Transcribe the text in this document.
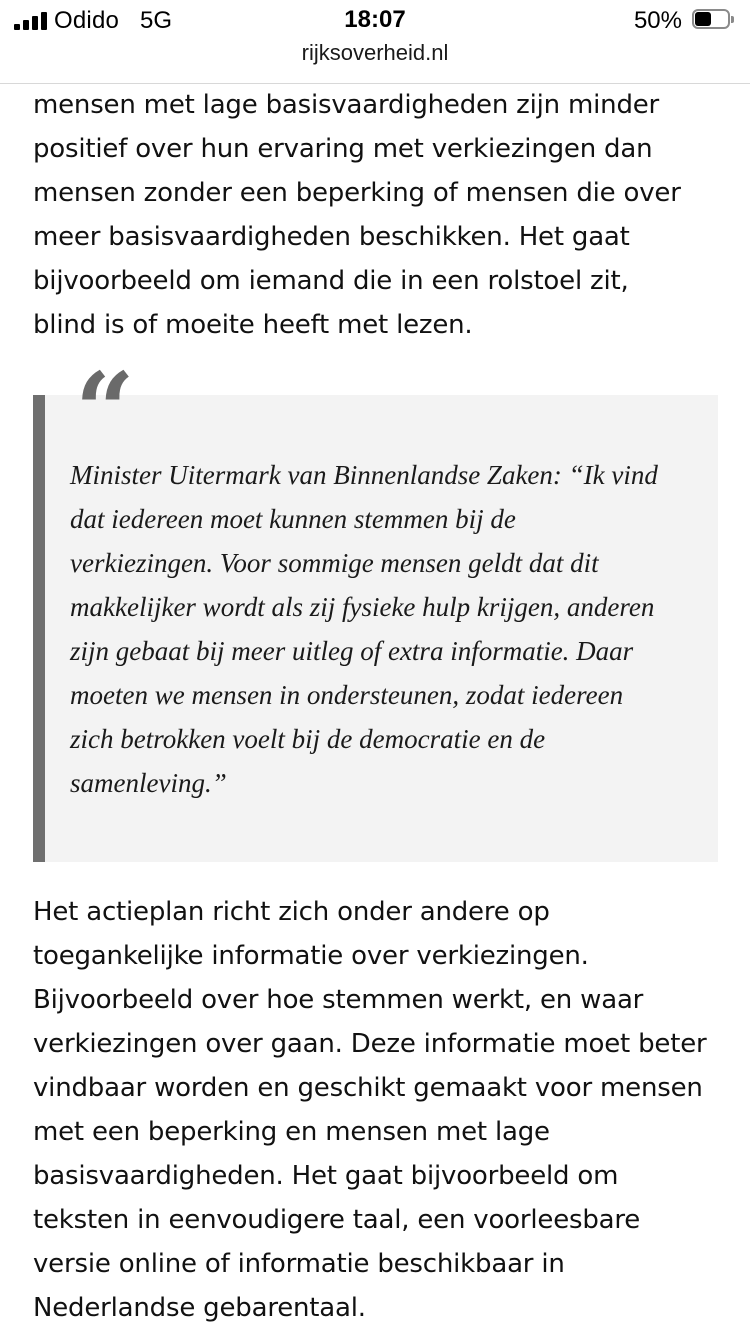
Odido 5G	18:07	50%
rijksoverheid.nl

mensen met lage basisvaardigheden zijn minder
positief over hun ervaring met verkiezingen dan
mensen zonder een beperking of mensen die over
meer basisvaardigheden beschikken. Het gaat
bijvoorbeeld om iemand die in een rolstoel zit,
blind is of moeite heeft met lezen.

“

Minister Uitermark van Binnenlandse Zaken: “Ik vind
dat iedereen moet kunnen stemmen bij de
verkiezingen. Voor sommige mensen geldt dat dit
makkelijker wordt als zij fysieke hulp krijgen, anderen
zijn gebaat bij meer uitleg of extra informatie. Daar
moeten we mensen in ondersteunen, zodat iedereen
zich betrokken voelt bij de democratie en de
samenleving.”

Het actieplan richt zich onder andere op
toegankelijke informatie over verkiezingen.
Bijvoorbeeld over hoe stemmen werkt, en waar
verkiezingen over gaan. Deze informatie moet beter
vindbaar worden en geschikt gemaakt voor mensen
met een beperking en mensen met lage
basisvaardigheden. Het gaat bijvoorbeeld om
teksten in eenvoudigere taal, een voorleesbare
versie online of informatie beschikbaar in
Nederlandse gebarentaal.
